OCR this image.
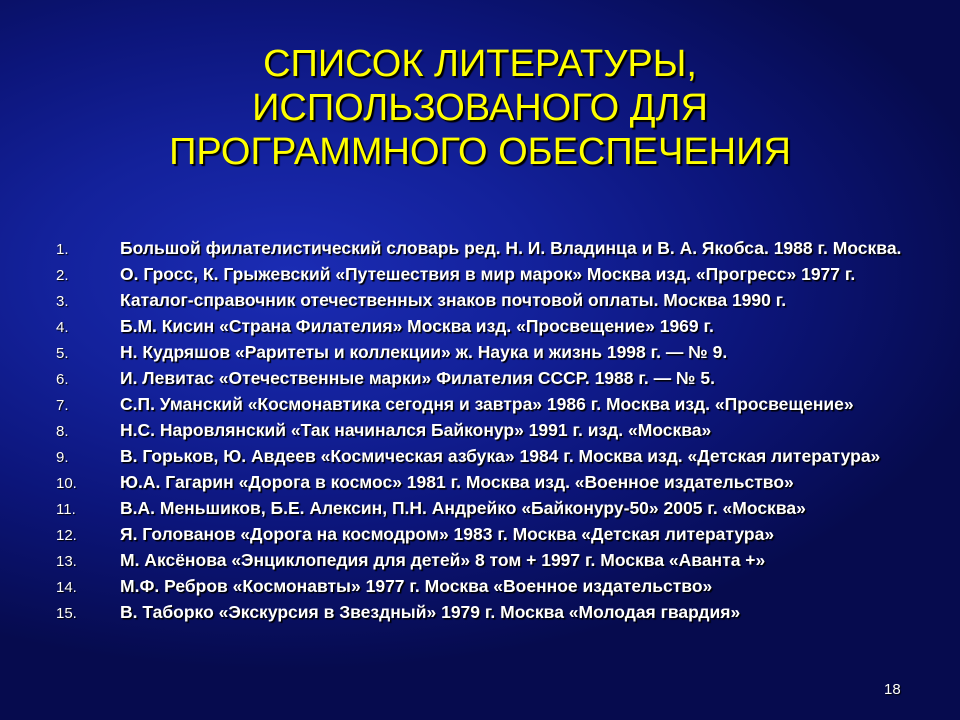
СПИСОК ЛИТЕРАТУРЫ,
ИСПОЛЬЗОВАНОГО ДЛЯ
ПРОГРАММНОГО ОБЕСПЕЧЕНИЯ
1.	Большой филателистический словарь ред. Н. И. Владинца и В. А. Якобса. 1988 г. Москва.
2.	О. Гросс, К. Грыжевский «Путешествия в мир марок» Москва изд. «Прогресс» 1977 г.
3.	Каталог-справочник отечественных знаков почтовой оплаты. Москва 1990 г.
4.	Б.М. Кисин «Страна Филателия» Москва изд. «Просвещение» 1969 г.
5.	Н. Кудряшов «Раритеты и коллекции» ж. Наука и жизнь 1998 г. — № 9.
6.	И. Левитас «Отечественные марки» Филателия СССР. 1988 г. — № 5.
7.	С.П. Уманский «Космонавтика сегодня и завтра» 1986 г. Москва изд. «Просвещение»
8.	Н.С. Наровлянский «Так начинался Байконур» 1991 г. изд. «Москва»
9.	В. Горьков, Ю. Авдеев «Космическая азбука» 1984 г. Москва изд. «Детская литература»
10.	Ю.А. Гагарин «Дорога в космос» 1981 г. Москва изд. «Военное издательство»
11.	В.А. Меньшиков, Б.Е. Алексин, П.Н. Андрейко «Байконуру-50» 2005 г. «Москва»
12.	Я. Голованов «Дорога на космодром» 1983 г. Москва «Детская литература»
13.	М. Аксёнова «Энциклопедия для детей» 8 том + 1997 г. Москва «Аванта +»
14.	М.Ф. Ребров «Космонавты» 1977 г. Москва «Военное издательство»
15.	В. Таборко «Экскурсия в Звездный» 1979 г. Москва «Молодая гвардия»
18
